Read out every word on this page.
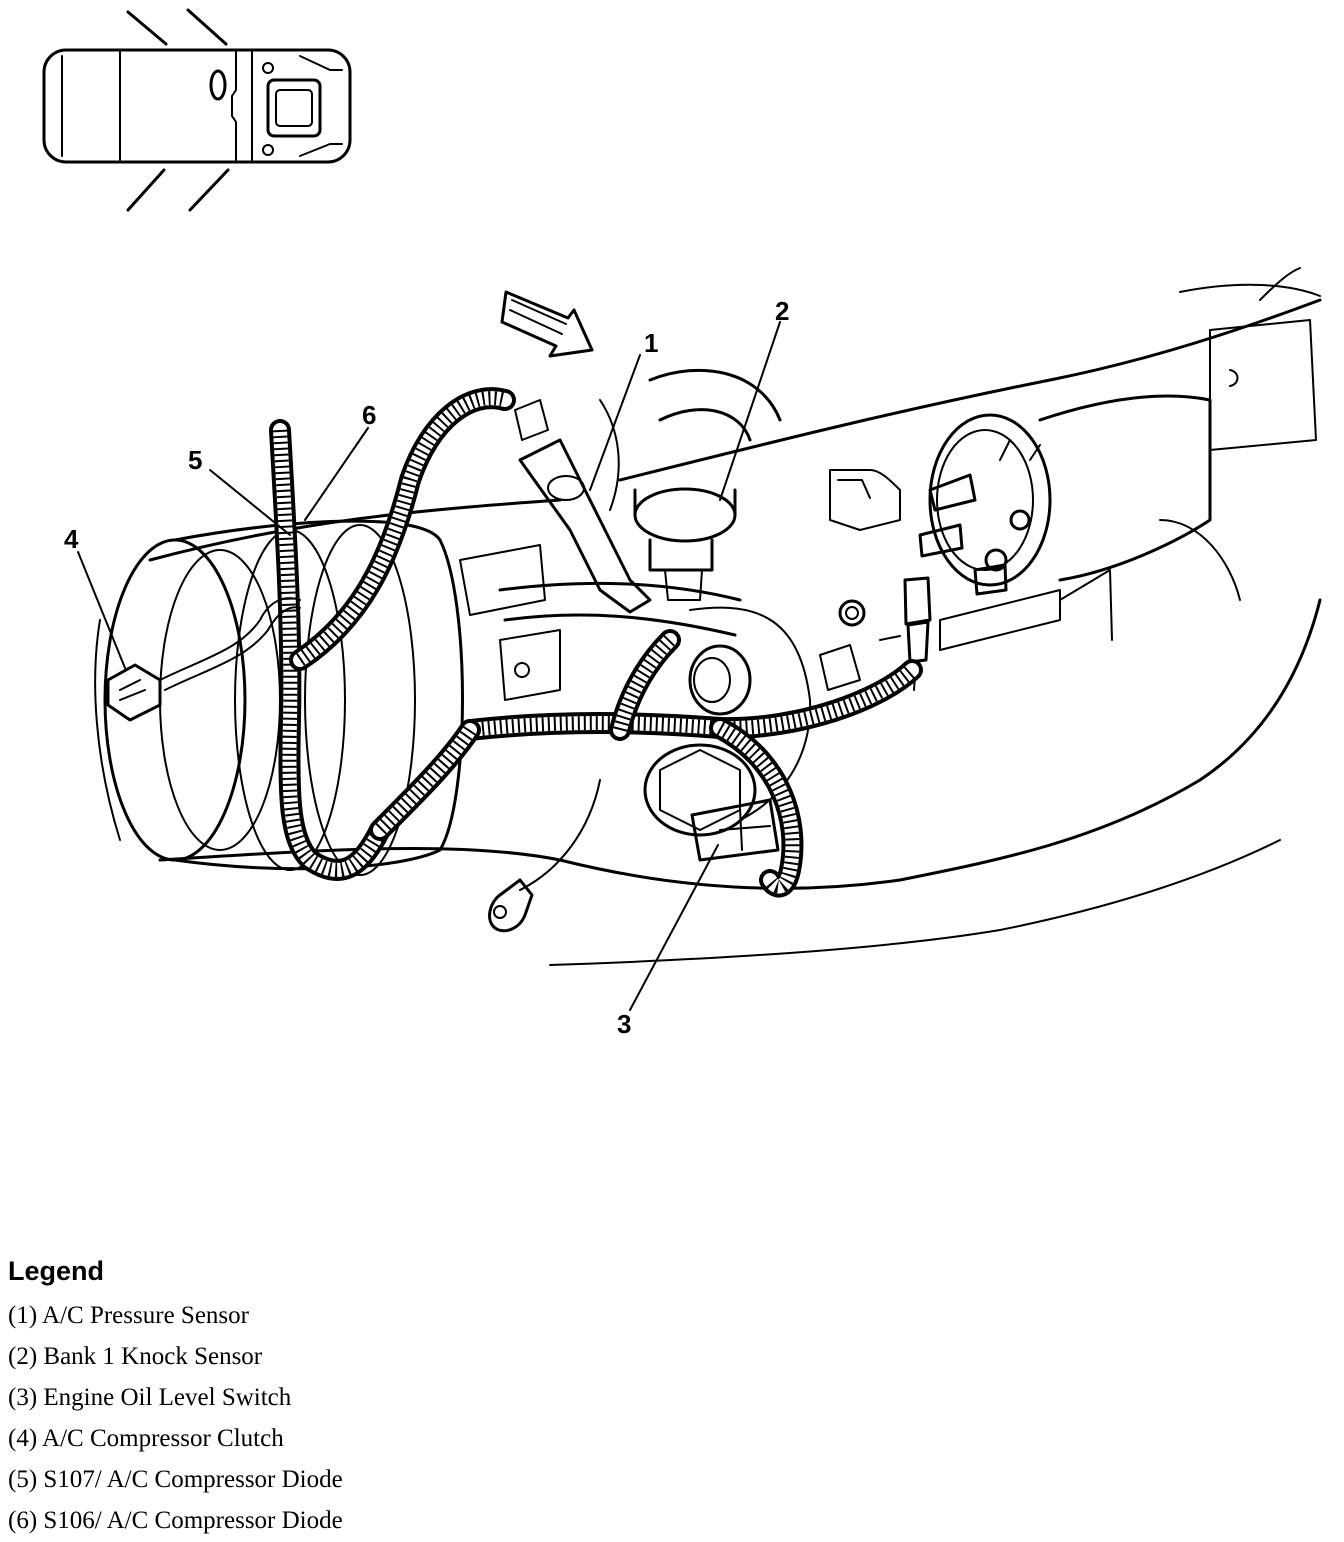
1
2
3
4
5
6
Legend
(1) A/C Pressure Sensor
(2) Bank 1 Knock Sensor
(3) Engine Oil Level Switch
(4) A/C Compressor Clutch
(5) S107/ A/C Compressor Diode
(6) S106/ A/C Compressor Diode
